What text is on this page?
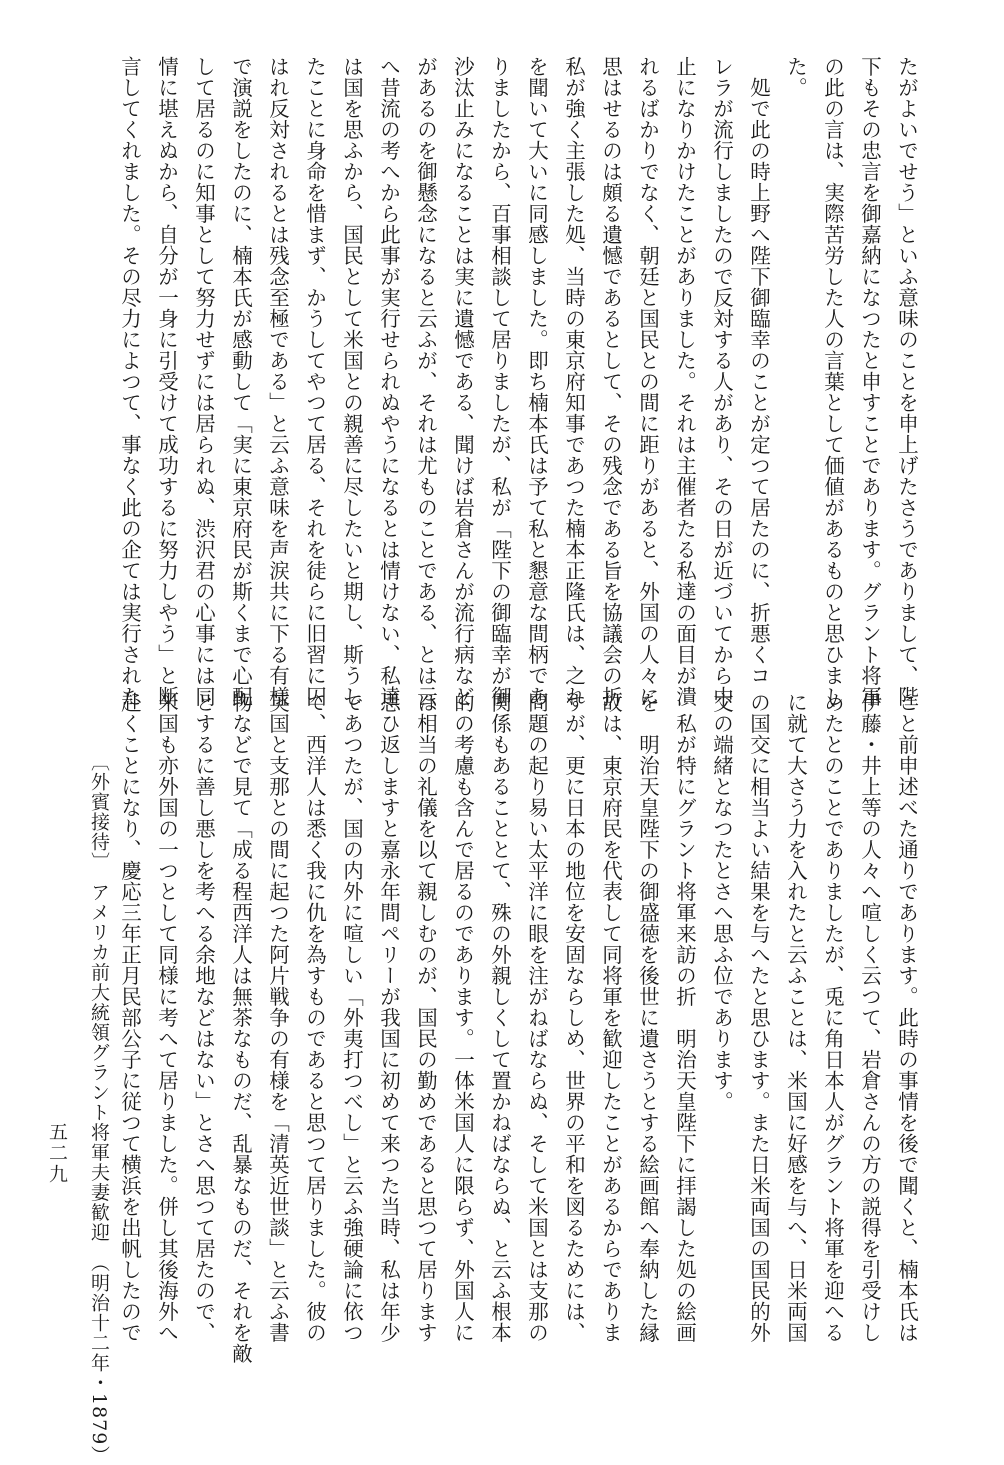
たがよいでせう」といふ意味のことを申上げたさうでありまして、陛
下もその忠言を御嘉納になつたと申すことであります。グラント将軍
の此の言は、実際苦労した人の言葉として価値があるものと思ひまし
た。
　処で此の時上野へ陛下御臨幸のことが定つて居たのに、折悪くコ
レラが流行しましたので反対する人があり、その日が近づいてから中
止になりかけたことがありました。それは主催者たる私達の面目が潰
れるばかりでなく、朝廷と国民との間に距りがあると、外国の人々に
思はせるのは頗る遺憾であるとして、その残念である旨を協議会の折
私が強く主張した処、当時の東京府知事であつた楠本正隆氏は、之れ
を聞いて大いに同感しました。即ち楠本氏は予て私と懇意な間柄であ
りましたから、百事相談して居りましたが、私が「陛下の御臨幸が御
沙汰止みになることは実に遺憾である、聞けば岩倉さんが流行病など
があるのを御懸念になると云ふが、それは尤ものことである、とは云
へ昔流の考へから此事が実行せられぬやうになるとは情けない、私達
は国を思ふから、国民として米国との親善に尽したいと期し、斯うし
たことに身命を惜まず、かうしてやつて居る、それを徒らに旧習に囚
はれ反対されるとは残念至極である」と云ふ意味を声涙共に下る有様
で演説をしたのに、楠本氏が感動して「実に東京府民が斯くまで心配
して居るのに知事として努力せずには居られぬ、渋沢君の心事には同
情に堪えぬから、自分が一身に引受けて成功するに努力しやう」と断
言してくれました。その尽力によつて、事なく此の企ては実行された
〔外賓接待〕　アメリカ前大統領グラント将軍夫妻歓迎　（明治十二年・1879）	こと前申述べた通りであります。此時の事情を後で聞くと、楠本氏は
伊藤・井上等の人々へ喧しく云つて、岩倉さんの方の説得を引受けし
めたとのことでありましたが、兎に角日本人がグラント将軍を迎へる
に就て大さう力を入れたと云ふことは、米国に好感を与へ、日米両国
の国交に相当よい結果を与へたと思ひます。また日米両国の国民的外
交の端緒となつたとさへ思ふ位であります。
　私が特にグラント将軍来訪の折　明治天皇陛下に拝謁した処の絵画
を　明治天皇陛下の御盛徳を後世に遺さうとする絵画館へ奉納した縁
故は、東京府民を代表して同将軍を歓迎したことがあるからでありま
すが、更に日本の地位を安固ならしめ、世界の平和を図るためには、
問題の起り易い太平洋に眼を注がねばならぬ、そして米国とは支那の
関係もあることとて、殊の外親しくして置かねばならぬ、と云ふ根本
的の考慮も含んで居るのであります。一体米国人に限らず、外国人に
は相当の礼儀を以て親しむのが、国民の勤めであると思つて居ります
思ひ返しますと嘉永年間ペリーが我国に初めて来つた当時、私は年少
であつたが、国の内外に喧しい「外夷打つべし」と云ふ強硬論に依つ
て、西洋人は悉く我に仇を為すものであると思つて居りました。彼の
英国と支那との間に起つた阿片戦争の有様を「清英近世談」と云ふ書
物などで見て「成る程西洋人は無茶なものだ、乱暴なものだ、それを敵
とするに善し悪しを考へる余地などはない」とさへ思つて居たので、
米国も亦外国の一つとして同様に考へて居りました。併し其後海外へ
赴くことになり、慶応三年正月民部公子に従つて横浜を出帆したので
五二九
